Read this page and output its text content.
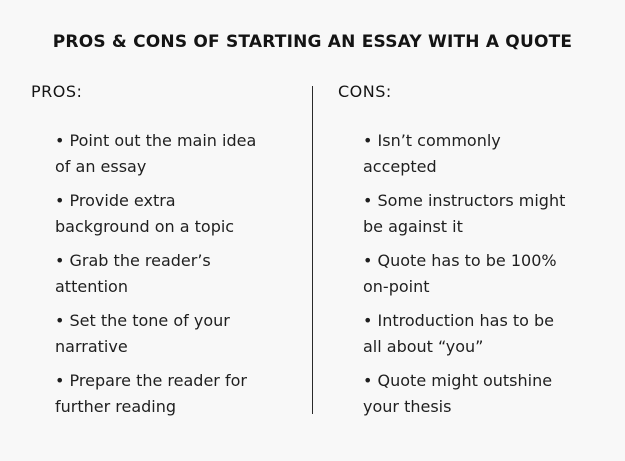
PROS & CONS OF STARTING AN ESSAY WITH A QUOTE
PROS:
• Point out the main idea
of an essay
• Provide extra
background on a topic
• Grab the reader’s
attention
• Set the tone of your
narrative
• Prepare the reader for
further reading
CONS:
• Isn’t commonly
accepted
• Some instructors might
be against it
• Quote has to be 100%
on-point
• Introduction has to be
all about “you”
• Quote might outshine
your thesis
